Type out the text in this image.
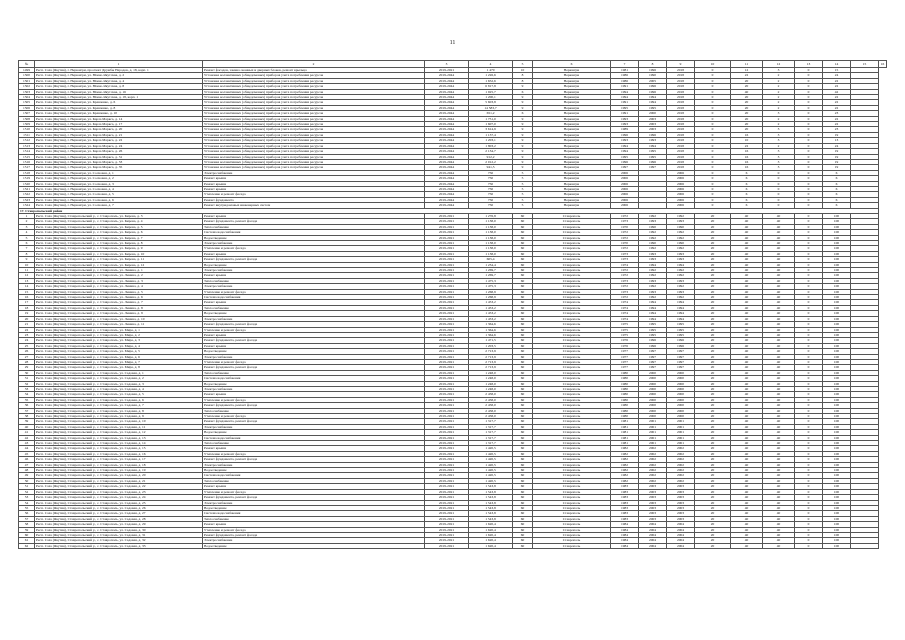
11
№	1	2	3	4	5	6	7	8	9	10	11	12	13	14	15	16
1499	Респ. Саха (Якутия), г. Нерюнгри, проспект Дружбы Народов, д. 18, корп. 1	Ремонт фасадов, замена оконных и дверных блоков, ремонт крыльца	2019-2021	1 470	10	Нерюнгри	1981	1996	2018	0	12	3	0	15		
1500	Респ. Саха (Якутия), г. Нерюнгри, ул. Южно-Якутская, д. 2	Установка коллективных (общедомовых) приборов учета потребления ресурсов	2019-2044	1 226,6	8	Нерюнгри	1986	1990	2018	0	22	2	0	24		
1501	Респ. Саха (Якутия), г. Нерюнгри, ул. Южно-Якутская, д. 4	Установка коллективных (общедомовых) приборов учета потребления ресурсов	2019-2044	1 652,6	8	Нерюнгри	1986	2005	2018	0	20	2	0	22		
1502	Респ. Саха (Якутия), г. Нерюнгри, ул. Южно-Якутская, д. 8	Установка коллективных (общедомовых) приборов учета потребления ресурсов	2019-2044	6 817,8	9	Нерюнгри	1991	1996	2018	0	20	2	0	22		
1503	Респ. Саха (Якутия), г. Нерюнгри, ул. Южно-Якутская, д. 16	Установка коллективных (общедомовых) приборов учета потребления ресурсов	2019-2044	1 925,7	6	Нерюнгри	1994	1996	2018	0	40	2	0	42		
1504	Респ. Саха (Якутия), г. Нерюнгри, ул. Южно-Якутская, д. 18, корп. 1	Установка коллективных (общедомовых) приборов учета потребления ресурсов	2019-2044	1 200,1	9	Нерюнгри	1994	1994	2018	0	20	2	0	22		
1505	Респ. Саха (Якутия), г. Нерюнгри, ул. Кравченко, д. 6	Установка коллективных (общедомовых) приборов учета потребления ресурсов	2019-2044	5 603,8	9	Нерюнгри	1991	1994	2018	0	20	2	0	22		
1506	Респ. Саха (Якутия), г. Нерюнгри, ул. Кравченко, д. 8	Установка коллективных (общедомовых) приборов учета потребления ресурсов	2019-2044	14 583,7	9	Нерюнгри	1995	1995	2018	0	20	2	0	22		
1507	Респ. Саха (Якутия), г. Нерюнгри, ул. Кравченко, д. 10	Установка коллективных (общедомовых) приборов учета потребления ресурсов	2019-2044	651,2	6	Нерюнгри	1991	2000	2018	0	20	3	0	23		
1508	Респ. Саха (Якутия), г. Нерюнгри, ул. Карла Маркса, д. 14	Установка коллективных (общедомовых) приборов учета потребления ресурсов	2019-2044	1 751,0	9	Нерюнгри	1993	2003	2018	0	20	2	0	22		
1509	Респ. Саха (Якутия), г. Нерюнгри, ул. Карла Маркса, д. 17	Установка коллективных (общедомовых) приборов учета потребления ресурсов	2019-2044	1 607,0	9	Нерюнгри	1993	2003	2018	0	20	2	0	22		
1510	Респ. Саха (Якутия), г. Нерюнгри, ул. Карла Маркса, д. 20	Установка коллективных (общедомовых) приборов учета потребления ресурсов	2019-2044	3 614,9	9	Нерюнгри	1989	2003	2018	0	20	3	0	23		
1511	Респ. Саха (Якутия), г. Нерюнгри, ул. Карла Маркса, д. 21	Установка коллективных (общедомовых) приборов учета потребления ресурсов	2019-2044	1 137,4	9	Нерюнгри	1996	1996	2018	0	16	3	0	19		
1512	Респ. Саха (Якутия), г. Нерюнгри, ул. Карла Маркса, д. 22	Установка коллективных (общедомовых) приборов учета потребления ресурсов	2019-2044	1 203,1	9	Нерюнгри	1993	1993	2018	0	10	3	0	13		
1513	Респ. Саха (Якутия), г. Нерюнгри, ул. Карла Маркса, д. 24	Установка коллективных (общедомовых) приборов учета потребления ресурсов	2019-2044	1 803,2	9	Нерюнгри	1994	1994	2018	0	22	2	0	24		
1514	Респ. Саха (Якутия), г. Нерюнгри, ул. Карла Маркса, д. 26	Установка коллективных (общедомовых) приборов учета потребления ресурсов	2019-2044	2 134,7	9	Нерюнгри	1994	1995	2018	0	16	3	0	19		
1515	Респ. Саха (Якутия), г. Нерюнгри, ул. Карла Маркса, д. 31	Установка коллективных (общедомовых) приборов учета потребления ресурсов	2019-2044	912,2	9	Нерюнгри	1995	1995	2018	0	16	3	0	19		
1516	Респ. Саха (Якутия), г. Нерюнгри, ул. Карла Маркса, д. 33	Установка коллективных (общедомовых) приборов учета потребления ресурсов	2019-2044	2 012,2	9	Нерюнгри	1996	1996	2018	0	16	3	0	19		
1517	Респ. Саха (Якутия), г. Нерюнгри, ул. Карла Маркса, д. 35	Установка коллективных (общедомовых) приборов учета потребления ресурсов	2019-2044	941,5	9	Нерюнгри	1997	1997	2018	0	16	3	0	19		
1518	Респ. Саха (Якутия), г. Нерюнгри, ул. Сосновая, д. 1	Электроснабжение	2019-2044	750	5	Нерюнгри	2006		2006	0	6	0	0	6		
1519	Респ. Саха (Якутия), г. Нерюнгри, ул. Сосновая, д. 2	Ремонт крыши	2019-2044	750	5	Нерюнгри	2006		2006	0	6	0	0	6		
1520	Респ. Саха (Якутия), г. Нерюнгри, ул. Сосновая, д. 3	Ремонт крыши	2019-2044	750	5	Нерюнгри	2006		2006	0	6	0	0	6		
1521	Респ. Саха (Якутия), г. Нерюнгри, ул. Сосновая, д. 4	Ремонт крыши	2019-2044	750	5	Нерюнгри	2006		2006	0	6	0	0	6		
1522	Респ. Саха (Якутия), г. Нерюнгри, ул. Сосновая, д. 5	Утепление и ремонт фасада	2019-2044	750	5	Нерюнгри	2006		2006	0	6	0	0	6		
1523	Респ. Саха (Якутия), г. Нерюнгри, ул. Сосновая, д. 6	Ремонт фундамента	2019-2044	750	5	Нерюнгри	2006		2006	0	6	0	0	6		
1524	Респ. Саха (Якутия), г. Нерюнгри, ул. Сосновая, д. 7	Ремонт внутридомовых инженерных систем	2019-2044	750	5	Нерюнгри	2006		2006	0	6	0	0	6		
17. Ставропольский район																
1	Респ. Саха (Якутия), Ставропольский у., с. Ставрополь, ул. Кирова, д. 3	Ремонт крыши	2019-2021	1 276,8	60	Ставрополь	1972	1992	1992	20	40	40	0	100		
2	Респ. Саха (Якутия), Ставропольский у., с. Ставрополь, ул. Кирова, д. 4	Ремонт фундамента, ремонт фасада	2019-2021	1 138,0	60	Ставрополь	1973	1993	1993	20	40	40	0	100		
3	Респ. Саха (Якутия), Ставропольский у., с. Ставрополь, ул. Кирова, д. 5	Теплоснабжение	2019-2021	1 138,0	60	Ставрополь	1970	1990	1990	20	40	40	0	100		
4	Респ. Саха (Якутия), Ставропольский у., с. Ставрополь, ул. Кирова, д. 6	Система водоснабжения	2019-2021	1 138,0	60	Ставрополь	1972	1992	1992	20	40	40	0	100		
5	Респ. Саха (Якутия), Ставропольский у., с. Ставрополь, ул. Кирова, д. 7	Водоотведение	2019-2021	1 138,0	60	Ставрополь	1972	1992	1992	20	40	40	0	100		
6	Респ. Саха (Якутия), Ставропольский у., с. Ставрополь, ул. Кирова, д. 8	Электроснабжение	2019-2021	1 138,0	60	Ставрополь	1970	1990	1990	20	40	40	0	100		
7	Респ. Саха (Якутия), Ставропольский у., с. Ставрополь, ул. Кирова, д. 9	Утепление и ремонт фасада	2019-2021	1 138,0	60	Ставрополь	1972	1992	1992	20	40	40	0	100		
8	Респ. Саха (Якутия), Ставропольский у., с. Ставрополь, ул. Кирова, д. 10	Ремонт крыши	2019-2021	1 138,0	60	Ставрополь	1973	1993	1993	20	40	40	0	100		
9	Респ. Саха (Якутия), Ставропольский у., с. Ставрополь, ул. Кирова, д. 11	Ремонт фундамента, ремонт фасада	2019-2021	605,4	60	Ставрополь	1973	1993	1993	20	40	40	0	100		
10	Респ. Саха (Якутия), Ставропольский у., с. Ставрополь, ул. Кирова, д. 12	Водоотведение	2019-2021	1 234,4	60	Ставрополь	1974	1994	1994	20	40	40	0	100		
11	Респ. Саха (Якутия), Ставропольский у., с. Ставрополь, ул. Ленина, д. 1	Электроснабжение	2019-2021	1 269,7	60	Ставрополь	1972	1992	1992	20	40	40	0	100		
12	Респ. Саха (Якутия), Ставропольский у., с. Ставрополь, ул. Ленина, д. 2	Ремонт крыши	2019-2021	1 269,7	60	Ставрополь	1972	1992	1992	20	40	40	0	100		
13	Респ. Саха (Якутия), Ставропольский у., с. Ставрополь, ул. Ленина, д. 3	Теплоснабжение	2019-2021	1 475,3	60	Ставрополь	1973	1993	1993	20	40	40	0	100		
14	Респ. Саха (Якутия), Ставропольский у., с. Ставрополь, ул. Ленина, д. 4	Электроснабжение	2019-2021	1 475,3	60	Ставрополь	1972	1992	1992	20	40	40	0	100		
15	Респ. Саха (Якутия), Ставропольский у., с. Ставрополь, ул. Ленина, д. 5	Утепление и ремонт фасада	2019-2021	1 268,9	60	Ставрополь	1973	1993	1993	20	40	40	0	100		
16	Респ. Саха (Якутия), Ставропольский у., с. Ставрополь, ул. Ленина, д. 6	Система водоснабжения	2019-2021	1 268,9	60	Ставрополь	1972	1992	1992	20	40	40	0	100		
17	Респ. Саха (Якутия), Ставропольский у., с. Ставрополь, ул. Ленина, д. 7	Ремонт крыши	2019-2021	1 453,2	60	Ставрополь	1974	1994	1994	20	40	40	0	100		
18	Респ. Саха (Якутия), Ставропольский у., с. Ставрополь, ул. Ленина, д. 8	Теплоснабжение	2019-2021	1 453,2	60	Ставрополь	1974	1994	1994	20	40	40	0	100		
19	Респ. Саха (Якутия), Ставропольский у., с. Ставрополь, ул. Ленина, д. 9	Водоотведение	2019-2021	1 453,2	60	Ставрополь	1974	1994	1994	20	40	40	0	100		
20	Респ. Саха (Якутия), Ставропольский у., с. Ставрополь, ул. Ленина, д. 10	Электроснабжение	2019-2021	1 453,2	60	Ставрополь	1974	1994	1994	20	40	40	0	100		
21	Респ. Саха (Якутия), Ставропольский у., с. Ставрополь, ул. Ленина, д. 11	Ремонт фундамента, ремонт фасада	2019-2021	1 364,6	60	Ставрополь	1975	1995	1995	20	40	40	0	100		
22	Респ. Саха (Якутия), Ставропольский у., с. Ставрополь, ул. Мира, д. 1	Утепление и ремонт фасада	2019-2021	1 364,6	60	Ставрополь	1975	1995	1995	20	40	40	0	100		
23	Респ. Саха (Якутия), Ставропольский у., с. Ставрополь, ул. Мира, д. 2	Ремонт крыши	2019-2021	1 364,6	60	Ставрополь	1975	1995	1995	20	40	40	0	100		
24	Респ. Саха (Якутия), Ставропольский у., с. Ставрополь, ул. Мира, д. 3	Ремонт фундамента, ремонт фасада	2019-2021	1 471,5	60	Ставрополь	1976	1996	1996	20	40	40	0	100		
25	Респ. Саха (Якутия), Ставропольский у., с. Ставрополь, ул. Мира, д. 4	Ремонт крыши	2019-2021	1 203,5	60	Ставрополь	1976	1996	1996	20	40	40	0	100		
26	Респ. Саха (Якутия), Ставропольский у., с. Ставрополь, ул. Мира, д. 5	Водоотведение	2019-2021	2 713,9	60	Ставрополь	1977	1997	1997	20	40	40	0	100		
27	Респ. Саха (Якутия), Ставропольский у., с. Ставрополь, ул. Мира, д. 6	Электроснабжение	2019-2021	2 713,9	60	Ставрополь	1977	1997	1997	20	40	40	0	100		
28	Респ. Саха (Якутия), Ставропольский у., с. Ставрополь, ул. Мира, д. 7	Утепление и ремонт фасада	2019-2021	2 713,9	60	Ставрополь	1977	1997	1997	20	40	40	0	100		
29	Респ. Саха (Якутия), Ставропольский у., с. Ставрополь, ул. Мира, д. 8	Ремонт фундамента, ремонт фасада	2019-2021	2 713,9	60	Ставрополь	1977	1997	1997	20	40	40	0	100		
30	Респ. Саха (Якутия), Ставропольский у., с. Ставрополь, ул. Садовая, д. 1	Теплоснабжение	2019-2021	1 248,0	60	Ставрополь	1980	2000	2000	20	40	40	0	100		
31	Респ. Саха (Якутия), Ставропольский у., с. Ставрополь, ул. Садовая, д. 2	Система водоснабжения	2019-2021	1 248,0	60	Ставрополь	1980	2000	2000	20	40	40	0	100		
32	Респ. Саха (Якутия), Ставропольский у., с. Ставрополь, ул. Садовая, д. 3	Водоотведение	2019-2021	1 248,0	60	Ставрополь	1980	2000	2000	20	40	40	0	100		
33	Респ. Саха (Якутия), Ставропольский у., с. Ставрополь, ул. Садовая, д. 4	Электроснабжение	2019-2021	1 248,0	60	Ставрополь	1980	2000	2000	20	40	40	0	100		
34	Респ. Саха (Якутия), Ставропольский у., с. Ставрополь, ул. Садовая, д. 5	Ремонт крыши	2019-2021	2 458,0	60	Ставрополь	1980	2000	2000	20	40	40	0	100		
35	Респ. Саха (Якутия), Ставропольский у., с. Ставрополь, ул. Садовая, д. 6	Утепление и ремонт фасада	2019-2021	2 458,0	60	Ставрополь	1980	2000	2000	20	40	40	0	100		
36	Респ. Саха (Якутия), Ставропольский у., с. Ставрополь, ул. Садовая, д. 7	Ремонт фундамента, ремонт фасада	2019-2021	2 458,0	60	Ставрополь	1980	2000	2000	20	40	40	0	100		
37	Респ. Саха (Якутия), Ставропольский у., с. Ставрополь, ул. Садовая, д. 8	Теплоснабжение	2019-2021	2 458,0	60	Ставрополь	1980	2000	2000	20	40	40	0	100		
38	Респ. Саха (Якутия), Ставропольский у., с. Ставрополь, ул. Садовая, д. 9	Утепление и ремонт фасада	2019-2021	2 458,0	60	Ставрополь	1980	2000	2000	20	40	40	0	100		
39	Респ. Саха (Якутия), Ставропольский у., с. Ставрополь, ул. Садовая, д. 10	Ремонт фундамента, ремонт фасада	2019-2021	1 317,7	60	Ставрополь	1981	2001	2001	20	40	40	0	100		
40	Респ. Саха (Якутия), Ставропольский у., с. Ставрополь, ул. Садовая, д. 11	Электроснабжение	2019-2021	1 317,7	60	Ставрополь	1981	2001	2001	20	40	40	0	100		
41	Респ. Саха (Якутия), Ставропольский у., с. Ставрополь, ул. Садовая, д. 12	Водоотведение	2019-2021	1 317,7	60	Ставрополь	1981	2001	2001	20	40	40	0	100		
42	Респ. Саха (Якутия), Ставропольский у., с. Ставрополь, ул. Садовая, д. 13	Система водоснабжения	2019-2021	1 317,7	60	Ставрополь	1981	2001	2001	20	40	40	0	100		
43	Респ. Саха (Якутия), Ставропольский у., с. Ставрополь, ул. Садовая, д. 14	Теплоснабжение	2019-2021	1 317,7	60	Ставрополь	1981	2001	2001	20	40	40	0	100		
44	Респ. Саха (Якутия), Ставропольский у., с. Ставрополь, ул. Садовая, д. 15	Ремонт крыши	2019-2021	1 420,5	60	Ставрополь	1982	2002	2002	20	40	40	0	100		
45	Респ. Саха (Якутия), Ставропольский у., с. Ставрополь, ул. Садовая, д. 16	Утепление и ремонт фасада	2019-2021	1 420,5	60	Ставрополь	1982	2002	2002	20	40	40	0	100		
46	Респ. Саха (Якутия), Ставропольский у., с. Ставрополь, ул. Садовая, д. 17	Ремонт фундамента, ремонт фасада	2019-2021	1 420,5	60	Ставрополь	1982	2002	2002	20	40	40	0	100		
47	Респ. Саха (Якутия), Ставропольский у., с. Ставрополь, ул. Садовая, д. 18	Электроснабжение	2019-2021	1 420,5	60	Ставрополь	1982	2002	2002	20	40	40	0	100		
48	Респ. Саха (Якутия), Ставропольский у., с. Ставрополь, ул. Садовая, д. 19	Водоотведение	2019-2021	1 420,5	60	Ставрополь	1982	2002	2002	20	40	40	0	100		
49	Респ. Саха (Якутия), Ставропольский у., с. Ставрополь, ул. Садовая, д. 20	Система водоснабжения	2019-2021	1 420,5	60	Ставрополь	1982	2002	2002	20	40	40	0	100		
50	Респ. Саха (Якутия), Ставропольский у., с. Ставрополь, ул. Садовая, д. 21	Теплоснабжение	2019-2021	1 420,5	60	Ставрополь	1982	2002	2002	20	40	40	0	100		
51	Респ. Саха (Якутия), Ставропольский у., с. Ставрополь, ул. Садовая, д. 22	Ремонт крыши	2019-2021	1 543,8	60	Ставрополь	1983	2003	2003	20	40	40	0	100		
52	Респ. Саха (Якутия), Ставропольский у., с. Ставрополь, ул. Садовая, д. 23	Утепление и ремонт фасада	2019-2021	1 543,8	60	Ставрополь	1983	2003	2003	20	40	40	0	100		
53	Респ. Саха (Якутия), Ставропольский у., с. Ставрополь, ул. Садовая, д. 24	Ремонт фундамента, ремонт фасада	2019-2021	1 543,8	60	Ставрополь	1983	2003	2003	20	40	40	0	100		
54	Респ. Саха (Якутия), Ставропольский у., с. Ставрополь, ул. Садовая, д. 25	Электроснабжение	2019-2021	1 543,8	60	Ставрополь	1983	2003	2003	20	40	40	0	100		
55	Респ. Саха (Якутия), Ставропольский у., с. Ставрополь, ул. Садовая, д. 26	Водоотведение	2019-2021	1 543,8	60	Ставрополь	1983	2003	2003	20	40	40	0	100		
56	Респ. Саха (Якутия), Ставропольский у., с. Ставрополь, ул. Садовая, д. 27	Система водоснабжения	2019-2021	1 543,8	60	Ставрополь	1983	2003	2003	20	40	40	0	100		
57	Респ. Саха (Якутия), Ставропольский у., с. Ставрополь, ул. Садовая, д. 28	Теплоснабжение	2019-2021	1 543,8	60	Ставрополь	1983	2003	2003	20	40	40	0	100		
58	Респ. Саха (Якутия), Ставропольский у., с. Ставрополь, ул. Садовая, д. 29	Ремонт крыши	2019-2021	1 620,4	60	Ставрополь	1984	2004	2004	20	40	40	0	100		
59	Респ. Саха (Якутия), Ставропольский у., с. Ставрополь, ул. Садовая, д. 30	Утепление и ремонт фасада	2019-2021	1 620,4	60	Ставрополь	1984	2004	2004	20	40	40	0	100		
60	Респ. Саха (Якутия), Ставропольский у., с. Ставрополь, ул. Садовая, д. 31	Ремонт фундамента, ремонт фасада	2019-2021	1 620,4	60	Ставрополь	1984	2004	2004	20	40	40	0	100		
61	Респ. Саха (Якутия), Ставропольский у., с. Ставрополь, ул. Садовая, д. 32	Электроснабжение	2019-2021	1 620,4	60	Ставрополь	1984	2004	2004	20	40	40	0	100		
62	Респ. Саха (Якутия), Ставропольский у., с. Ставрополь, ул. Садовая, д. 33	Водоотведение	2019-2021	1 620,4	60	Ставрополь	1984	2004	2004	20	40	40	0	100		
